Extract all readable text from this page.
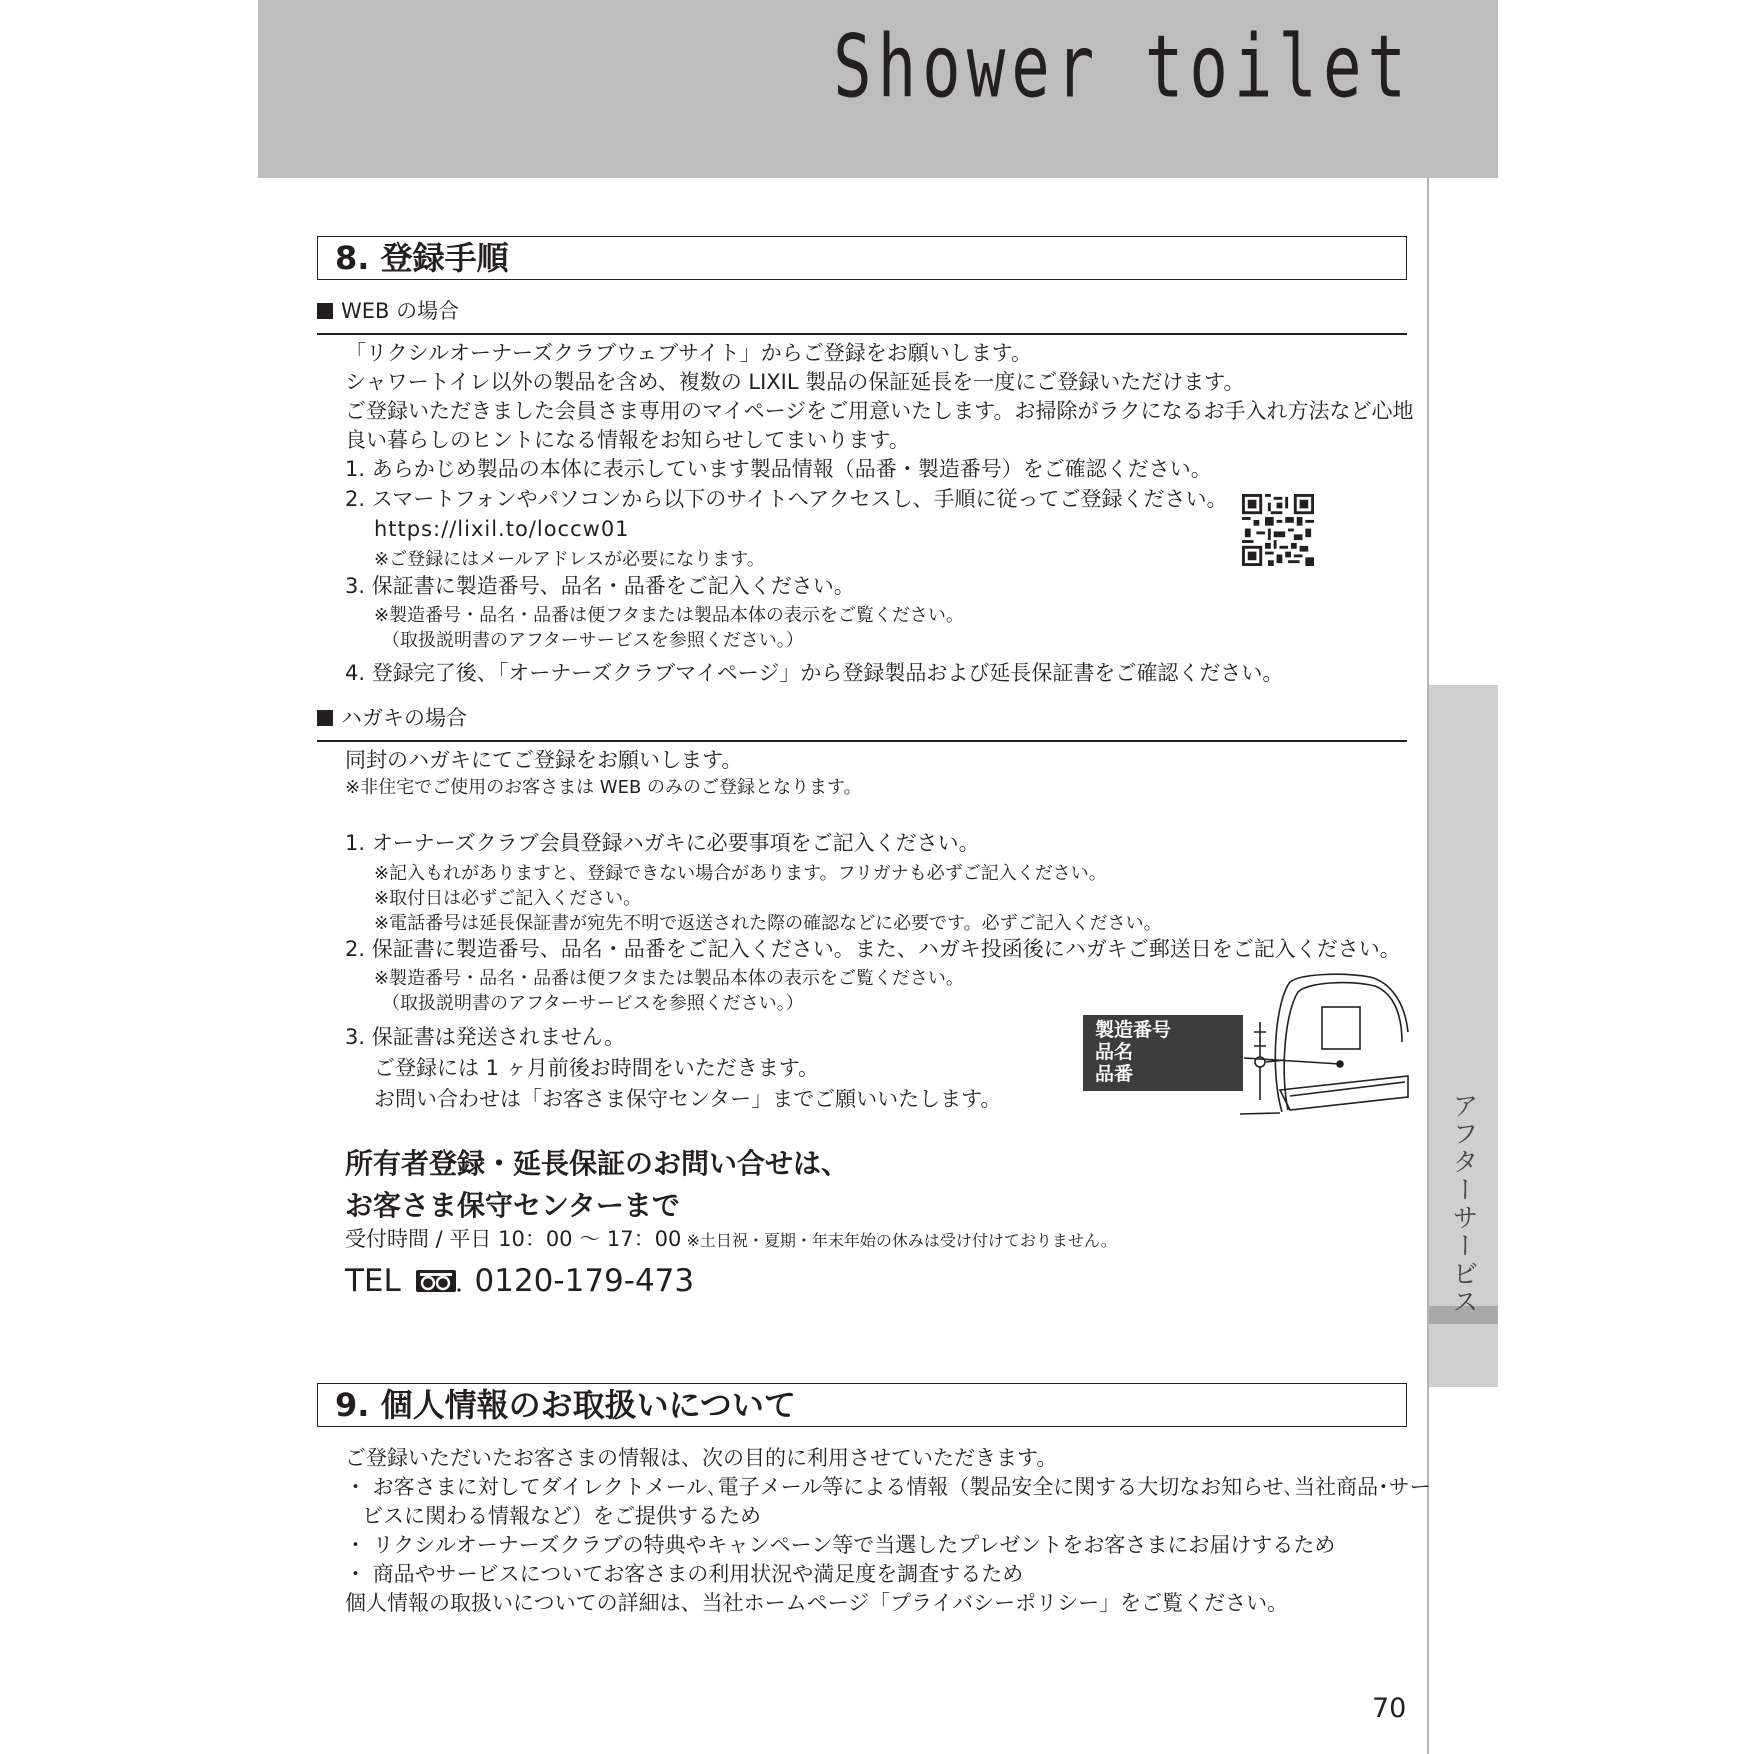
Shower toilet
アフターサービス
8. 登録手順
WEB の場合
「リクシルオーナーズクラブウェブサイト」からご登録をお願いします。
シャワートイレ以外の製品を含め、複数の LIXIL 製品の保証延長を一度にご登録いただけます。
ご登録いただきました会員さま専用のマイページをご用意いたします。お掃除がラクになるお手入れ方法など心地
良い暮らしのヒントになる情報をお知らせしてまいります。
1. あらかじめ製品の本体に表示しています製品情報（品番・製造番号）をご確認ください。
2. スマートフォンやパソコンから以下のサイトへアクセスし、手順に従ってご登録ください。
https://lixil.to/loccw01
※ご登録にはメールアドレスが必要になります。
3. 保証書に製造番号、品名・品番をご記入ください。
※製造番号・品名・品番は便フタまたは製品本体の表示をご覧ください。
（取扱説明書のアフターサービスを参照ください。）
4. 登録完了後、「オーナーズクラブマイページ」から登録製品および延長保証書をご確認ください。
ハガキの場合
同封のハガキにてご登録をお願いします。
※非住宅でご使用のお客さまは WEB のみのご登録となります。
1. オーナーズクラブ会員登録ハガキに必要事項をご記入ください。
※記入もれがありますと、登録できない場合があります。フリガナも必ずご記入ください。
※取付日は必ずご記入ください。
※電話番号は延長保証書が宛先不明で返送された際の確認などに必要です。必ずご記入ください。
2. 保証書に製造番号、品名・品番をご記入ください。また、ハガキ投函後にハガキご郵送日をご記入ください。
※製造番号・品名・品番は便フタまたは製品本体の表示をご覧ください。
（取扱説明書のアフターサービスを参照ください。）
3. 保証書は発送されません。
ご登録には 1 ヶ月前後お時間をいただきます。
お問い合わせは「お客さま保守センター」までご願いいたします。
製造番号
品名
品番
所有者登録・延長保証のお問い合せは、
お客さま保守センターまで
受付時間 / 平日 10：00 〜 17：00 ※土日祝・夏期・年末年始の休みは受け付けておりません。
TEL 0120-179-473
9. 個人情報のお取扱いについて
ご登録いただいたお客さまの情報は、次の目的に利用させていただきます。
・ お客さまに対してダイレクトメール､電子メール等による情報（製品安全に関する大切なお知らせ､当社商品･サー
ビスに関わる情報など）をご提供するため
・ リクシルオーナーズクラブの特典やキャンペーン等で当選したプレゼントをお客さまにお届けするため
・ 商品やサービスについてお客さまの利用状況や満足度を調査するため
個人情報の取扱いについての詳細は、当社ホームページ「プライバシーポリシー」をご覧ください。
70
